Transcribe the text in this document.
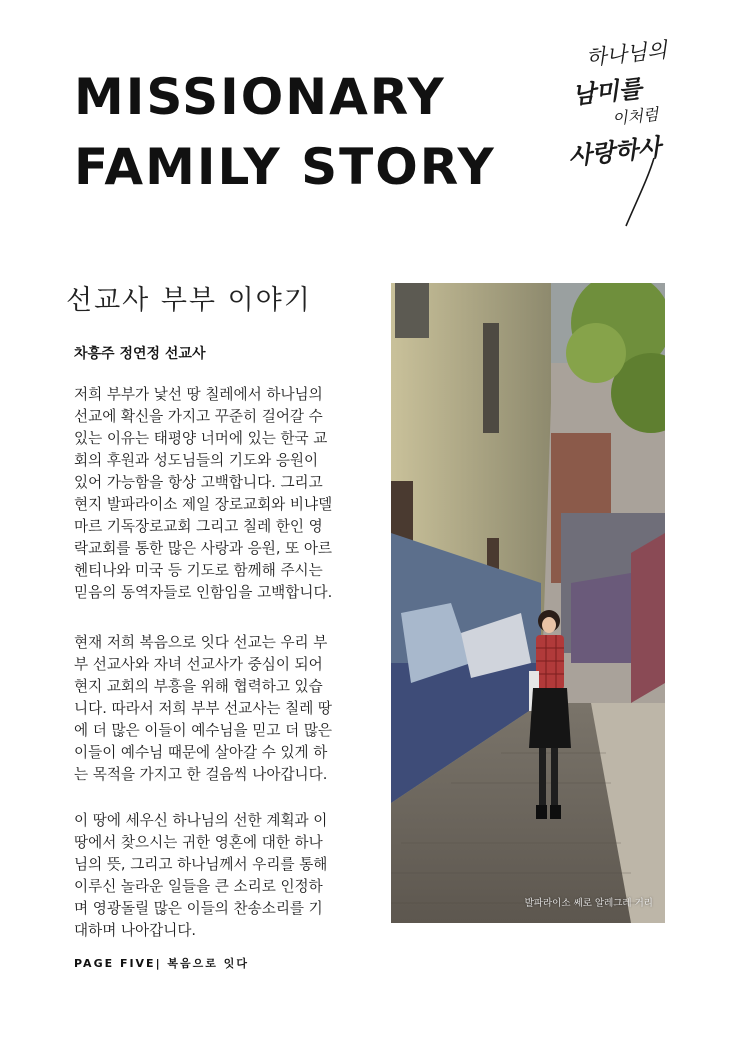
MISSIONARY
FAMILY STORY
하나님의
남미를
이처럼
사랑하사
선교사 부부 이야기
차흥주 정연정 선교사

저희 부부가 낯선 땅 칠레에서 하나님의
선교에 확신을 가지고 꾸준히 걸어갈 수
있는 이유는 태평양 너머에 있는 한국 교
회의 후원과 성도님들의 기도와 응원이
있어 가능함을 항상 고백합니다. 그리고
현지 발파라이소 제일 장로교회와 비냐델
마르 기독장로교회 그리고 칠레 한인 영
락교회를 통한 많은 사랑과 응원, 또 아르
헨티나와 미국 등 기도로 함께해 주시는
믿음의 동역자들로 인함임을 고백합니다.

현재 저희 복음으로 잇다 선교는 우리 부
부 선교사와 자녀 선교사가 중심이 되어
현지 교회의 부흥을 위해 협력하고 있습
니다. 따라서 저희 부부 선교사는 칠레 땅
에 더 많은 이들이 예수님을 믿고 더 많은
이들이 예수님 때문에 살아갈 수 있게 하
는 목적을 가지고 한 걸음씩 나아갑니다.

이 땅에 세우신 하나님의 선한 계획과 이
땅에서 찾으시는 귀한 영혼에 대한 하나
님의 뜻, 그리고 하나님께서 우리를 통해
이루신 놀라운 일들을 큰 소리로 인정하
며 영광돌릴 많은 이들의 찬송소리를 기
대하며 나아갑니다.

발파라이소 쎄로 알레그레 거리
PAGE FIVE| 복음으로 잇다
